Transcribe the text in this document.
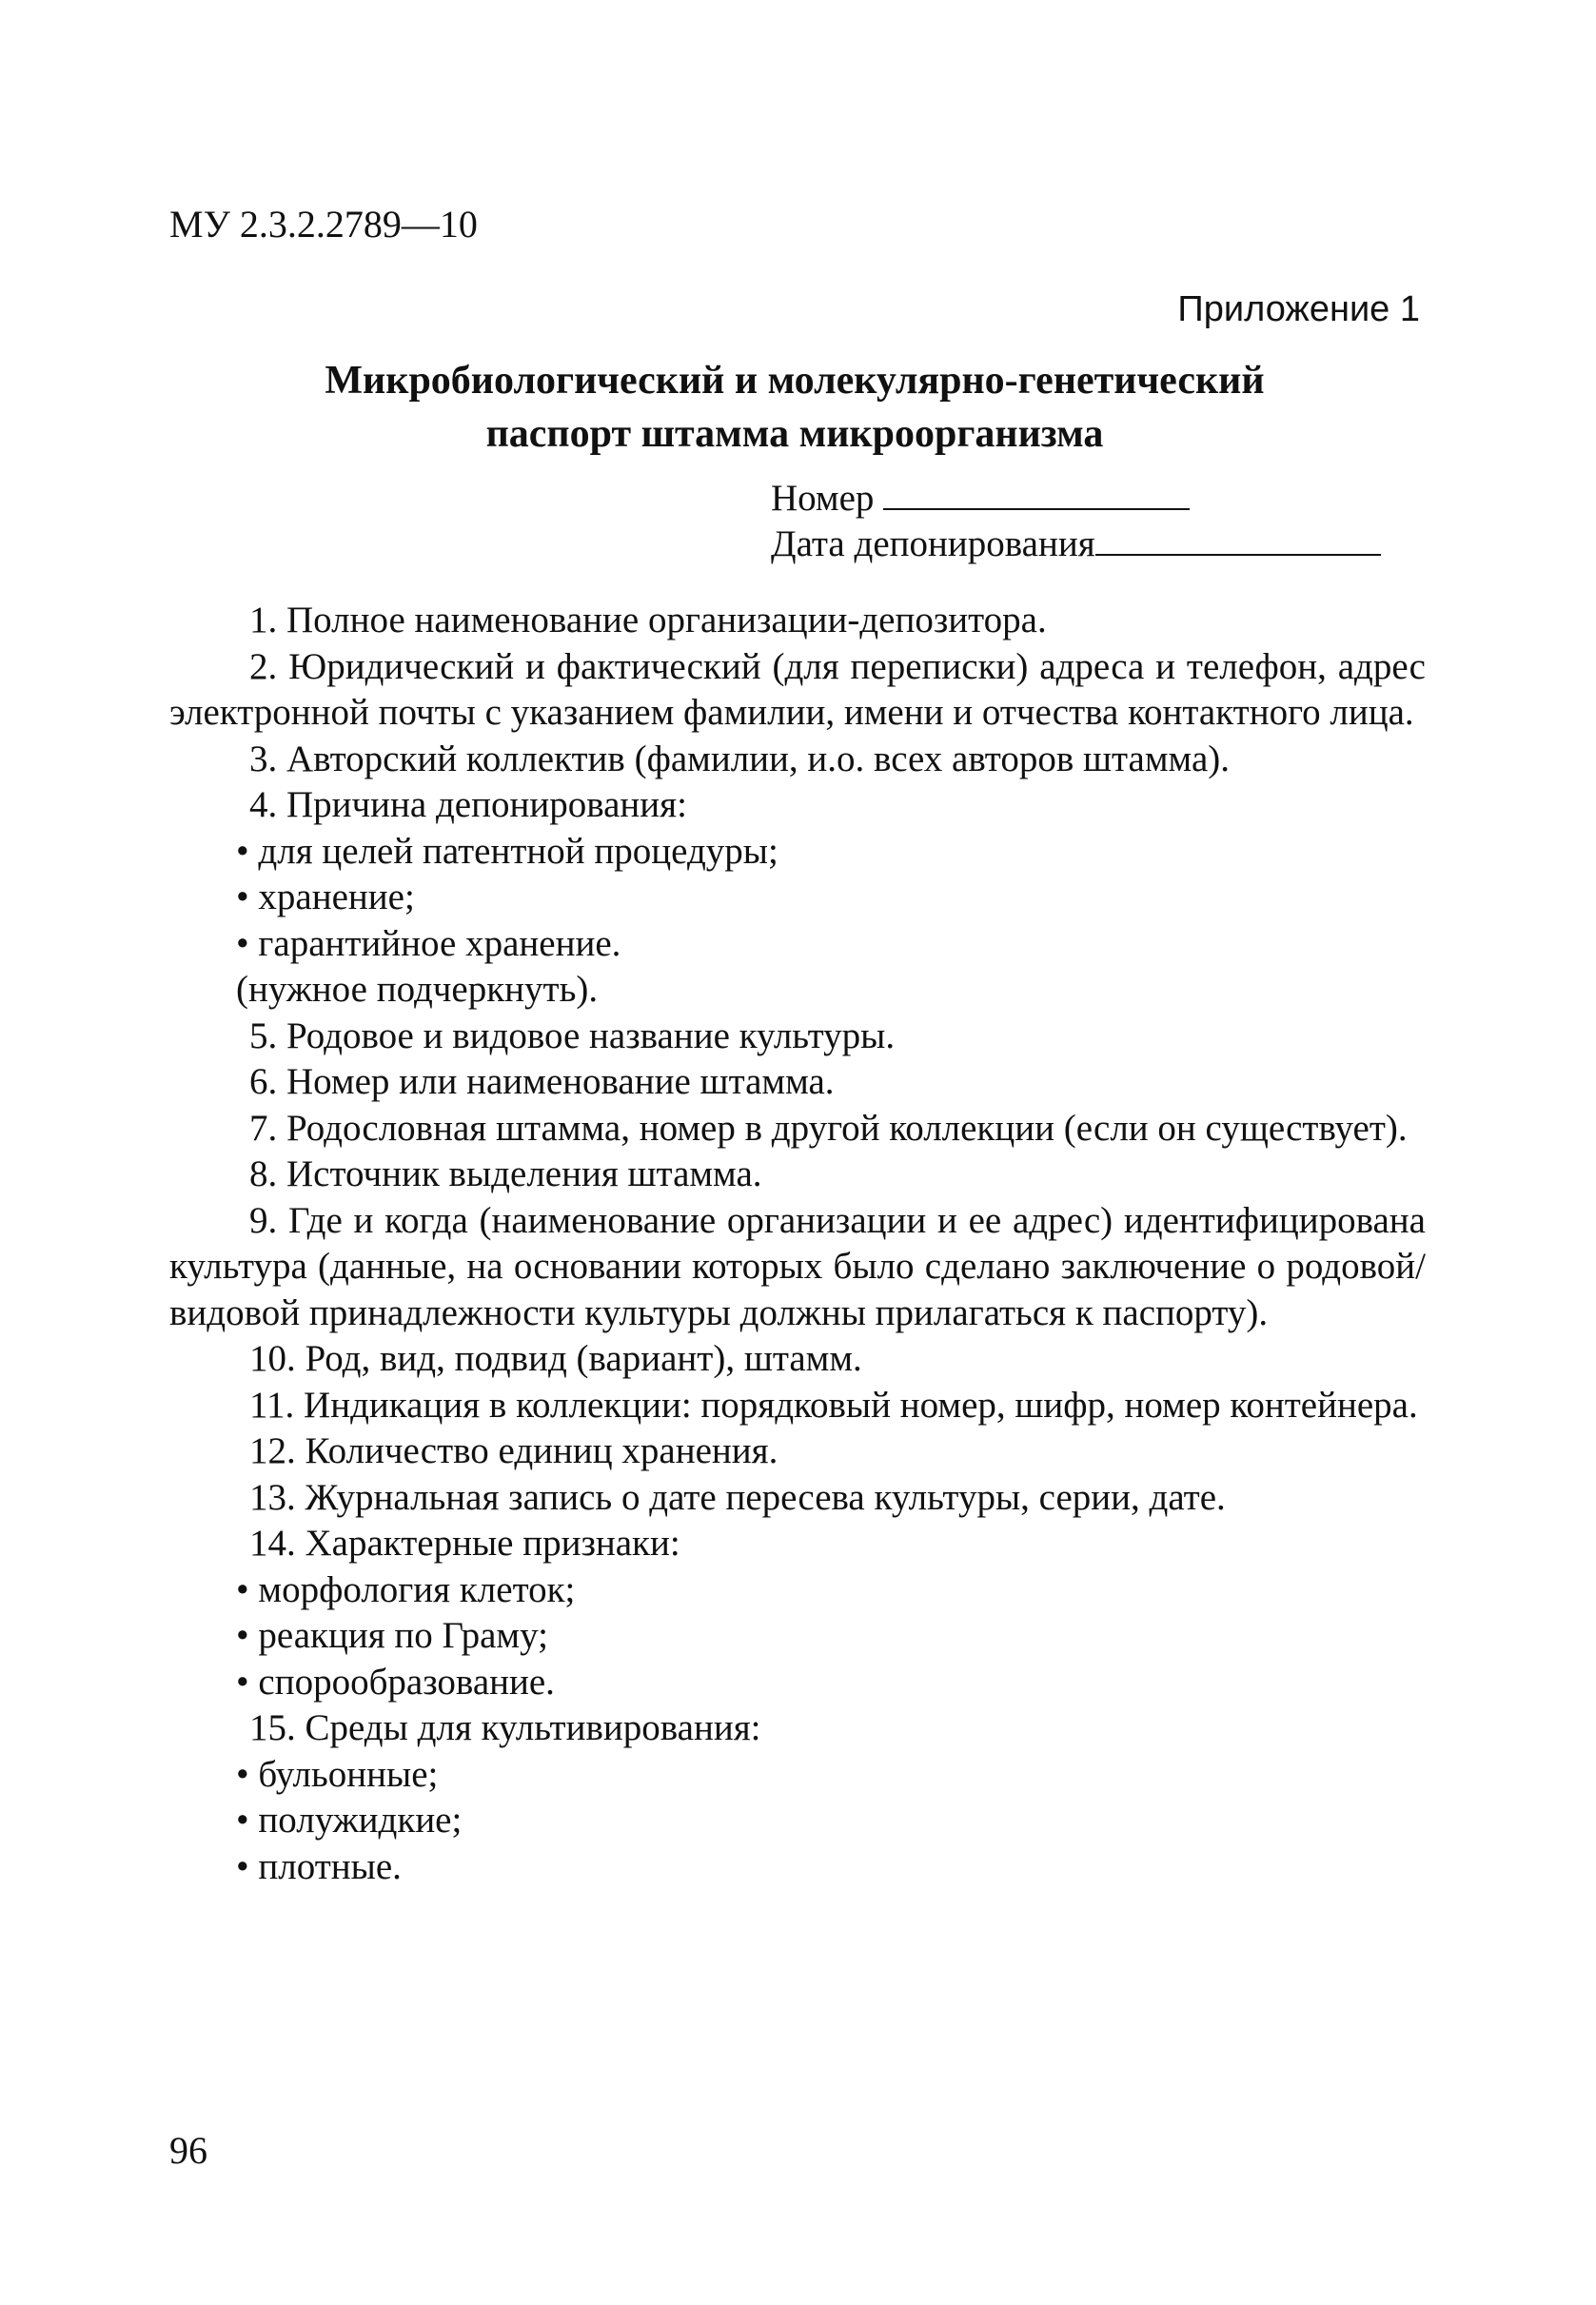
МУ 2.3.2.2789—10
Приложение 1
Микробиологический и молекулярно-генетический
паспорт штамма микроорганизма
Номер
Дата депонирования

1. Полное наименование организации-депозитора.

2. Юридический и фактический (для переписки) адреса и телефон, адрес электронной почты с указанием фамилии, имени и отчества контактного лица.

3. Авторский коллектив (фамилии, и.о. всех авторов штамма).

4. Причина депонирования:

• для целей патентной процедуры;

• хранение;

• гарантийное хранение.

(нужное подчеркнуть).

5. Родовое и видовое название культуры.

6. Номер или наименование штамма.

7. Родословная штамма, номер в другой коллекции (если он существует).

8. Источник выделения штамма.

9. Где и когда (наименование организации и ее адрес) идентифицирована культура (данные, на основании которых было сделано заключение о родовой/ видовой принадлежности культуры должны прилагаться к паспорту).

10. Род, вид, подвид (вариант), штамм.

11. Индикация в коллекции: порядковый номер, шифр, номер контейнера.

12. Количество единиц хранения.

13. Журнальная запись о дате пересева культуры, серии, дате.

14. Характерные признаки:

• морфология клеток;

• реакция по Граму;

• спорообразование.

15. Среды для культивирования:

• бульонные;

• полужидкие;

• плотные.

96
